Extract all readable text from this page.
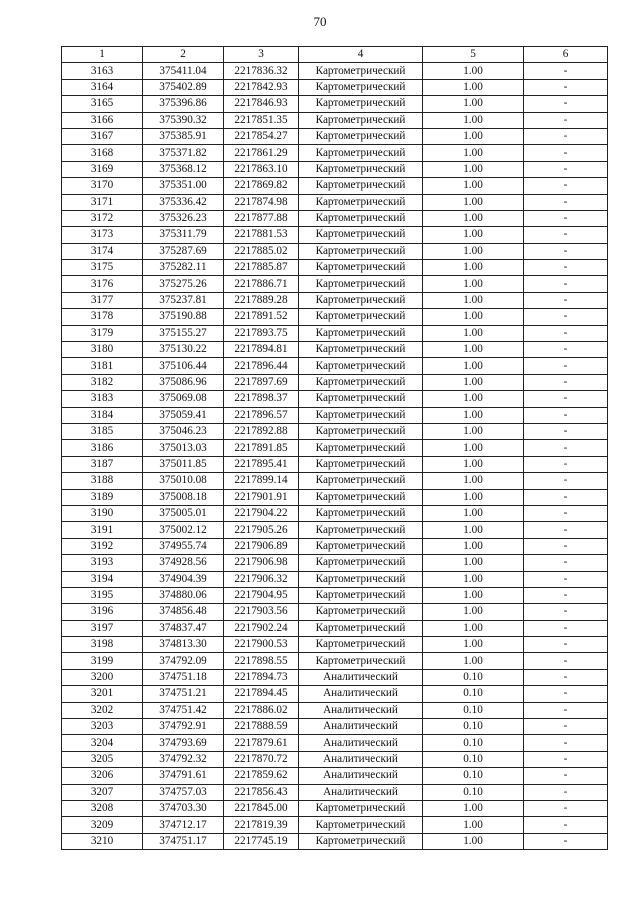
70
1	2	3	4	5	6
3163	375411.04	2217836.32	Картометрический	1.00	-
3164	375402.89	2217842.93	Картометрический	1.00	-
3165	375396.86	2217846.93	Картометрический	1.00	-
3166	375390.32	2217851.35	Картометрический	1.00	-
3167	375385.91	2217854.27	Картометрический	1.00	-
3168	375371.82	2217861.29	Картометрический	1.00	-
3169	375368.12	2217863.10	Картометрический	1.00	-
3170	375351.00	2217869.82	Картометрический	1.00	-
3171	375336.42	2217874.98	Картометрический	1.00	-
3172	375326.23	2217877.88	Картометрический	1.00	-
3173	375311.79	2217881.53	Картометрический	1.00	-
3174	375287.69	2217885.02	Картометрический	1.00	-
3175	375282.11	2217885.87	Картометрический	1.00	-
3176	375275.26	2217886.71	Картометрический	1.00	-
3177	375237.81	2217889.28	Картометрический	1.00	-
3178	375190.88	2217891.52	Картометрический	1.00	-
3179	375155.27	2217893.75	Картометрический	1.00	-
3180	375130.22	2217894.81	Картометрический	1.00	-
3181	375106.44	2217896.44	Картометрический	1.00	-
3182	375086.96	2217897.69	Картометрический	1.00	-
3183	375069.08	2217898.37	Картометрический	1.00	-
3184	375059.41	2217896.57	Картометрический	1.00	-
3185	375046.23	2217892.88	Картометрический	1.00	-
3186	375013.03	2217891.85	Картометрический	1.00	-
3187	375011.85	2217895.41	Картометрический	1.00	-
3188	375010.08	2217899.14	Картометрический	1.00	-
3189	375008.18	2217901.91	Картометрический	1.00	-
3190	375005.01	2217904.22	Картометрический	1.00	-
3191	375002.12	2217905.26	Картометрический	1.00	-
3192	374955.74	2217906.89	Картометрический	1.00	-
3193	374928.56	2217906.98	Картометрический	1.00	-
3194	374904.39	2217906.32	Картометрический	1.00	-
3195	374880.06	2217904.95	Картометрический	1.00	-
3196	374856.48	2217903.56	Картометрический	1.00	-
3197	374837.47	2217902.24	Картометрический	1.00	-
3198	374813.30	2217900.53	Картометрический	1.00	-
3199	374792.09	2217898.55	Картометрический	1.00	-
3200	374751.18	2217894.73	Аналитический	0.10	-
3201	374751.21	2217894.45	Аналитический	0.10	-
3202	374751.42	2217886.02	Аналитический	0.10	-
3203	374792.91	2217888.59	Аналитический	0.10	-
3204	374793.69	2217879.61	Аналитический	0.10	-
3205	374792.32	2217870.72	Аналитический	0.10	-
3206	374791.61	2217859.62	Аналитический	0.10	-
3207	374757.03	2217856.43	Аналитический	0.10	-
3208	374703.30	2217845.00	Картометрический	1.00	-
3209	374712.17	2217819.39	Картометрический	1.00	-
3210	374751.17	2217745.19	Картометрический	1.00	-
